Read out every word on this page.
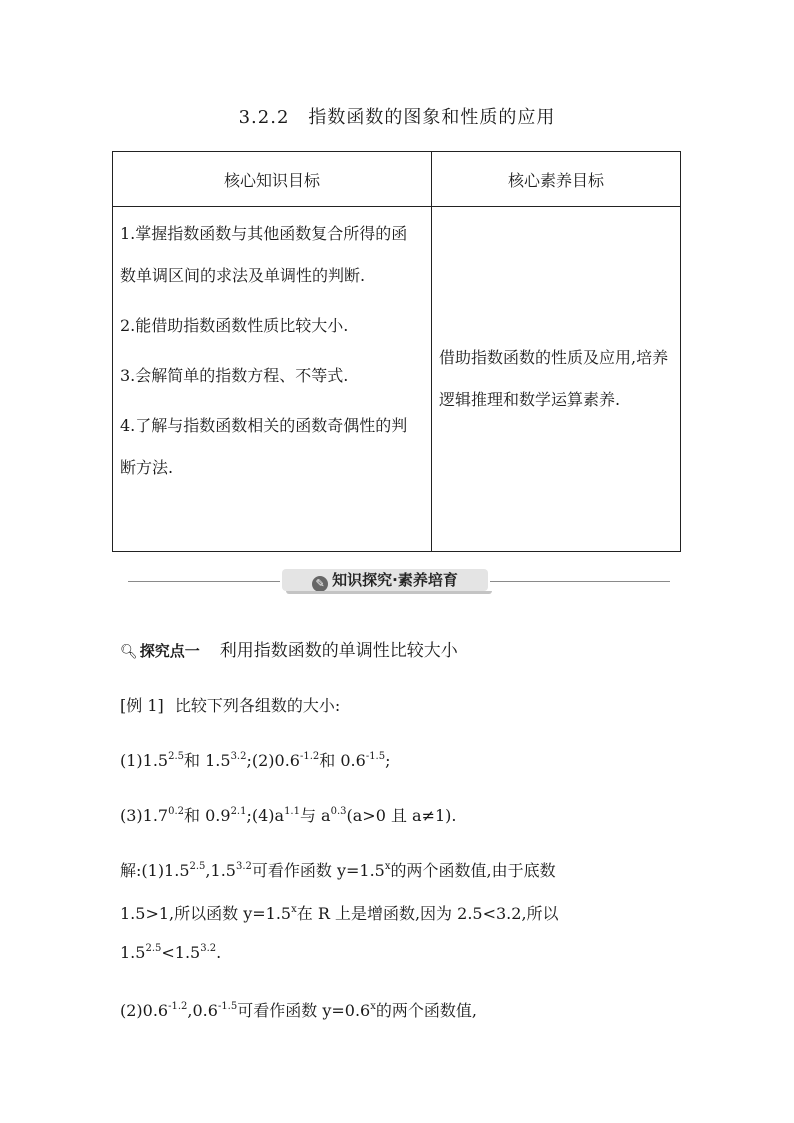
3.2.2　指数函数的图象和性质的应用
核心知识目标	核心素养目标

1.掌握指数函数与其他函数复合所得的函数单调区间的求法及单调性的判断.

2.能借助指数函数性质比较大小.

3.会解简单的指数方程、不等式.

4.了解与指数函数相关的函数奇偶性的判断方法.	借助指数函数的性质及应用,培养逻辑推理和数学运算素养.
✎ 知识探究·素养培育
🔍︎ 探究点一 利用指数函数的单调性比较大小
[例 1] 比较下列各组数的大小:
$(1)1.5^{2.5}$和 $1.5^{3.2};(2)0.6^{-1.2}$和 $0.6^{-1.5}$;
$(3)1.7^{0.2}$和 $0.9^{2.1};(4)a^{1.1}$与 $a^{0.3}(a>0$ 且 a≠1).
解$:(1)1.5^{2.5},1.5^{3.2}$可看作函数 $y=1.5^x$的两个函数值,由于底数
1.5>1,所以函数 $y=1.5^x$在 R 上是增函数,因为 2.5<3.2,所以
$1.5^{2.5}<1.5^{3.2}$.
$(2)0.6^{-1.2},0.6^{-1.5}$可看作函数 $y=0.6^x$的两个函数值,
